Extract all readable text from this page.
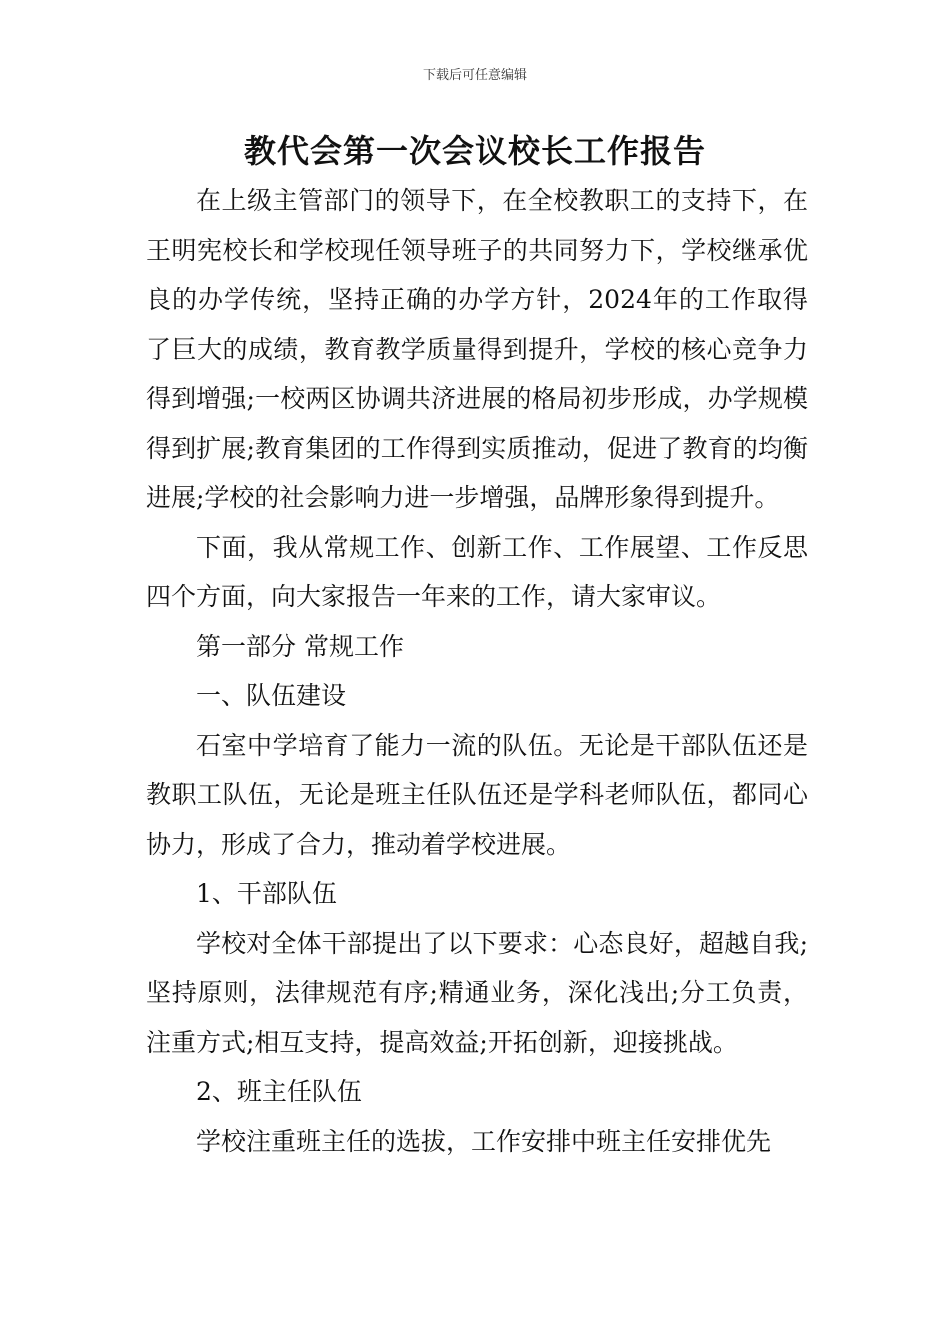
下载后可任意编辑
教代会第一次会议校长工作报告

在上级主管部门的领导下，在全校教职工的支持下，在王明宪校长和学校现任领导班子的共同努力下，学校继承优良的办学传统，坚持正确的办学方针，2024年的工作取得了巨大的成绩，教育教学质量得到提升，学校的核心竞争力得到增强;一校两区协调共济进展的格局初步形成，办学规模得到扩展;教育集团的工作得到实质推动，促进了教育的均衡进展;学校的社会影响力进一步增强，品牌形象得到提升。

下面，我从常规工作、创新工作、工作展望、工作反思四个方面，向大家报告一年来的工作，请大家审议。

第一部分 常规工作

一、队伍建设

石室中学培育了能力一流的队伍。无论是干部队伍还是教职工队伍，无论是班主任队伍还是学科老师队伍，都同心协力，形成了合力，推动着学校进展。

1、干部队伍

学校对全体干部提出了以下要求：心态良好，超越自我;坚持原则，法律规范有序;精通业务，深化浅出;分工负责，注重方式;相互支持，提高效益;开拓创新，迎接挑战。

2、班主任队伍

学校注重班主任的选拔，工作安排中班主任安排优先
